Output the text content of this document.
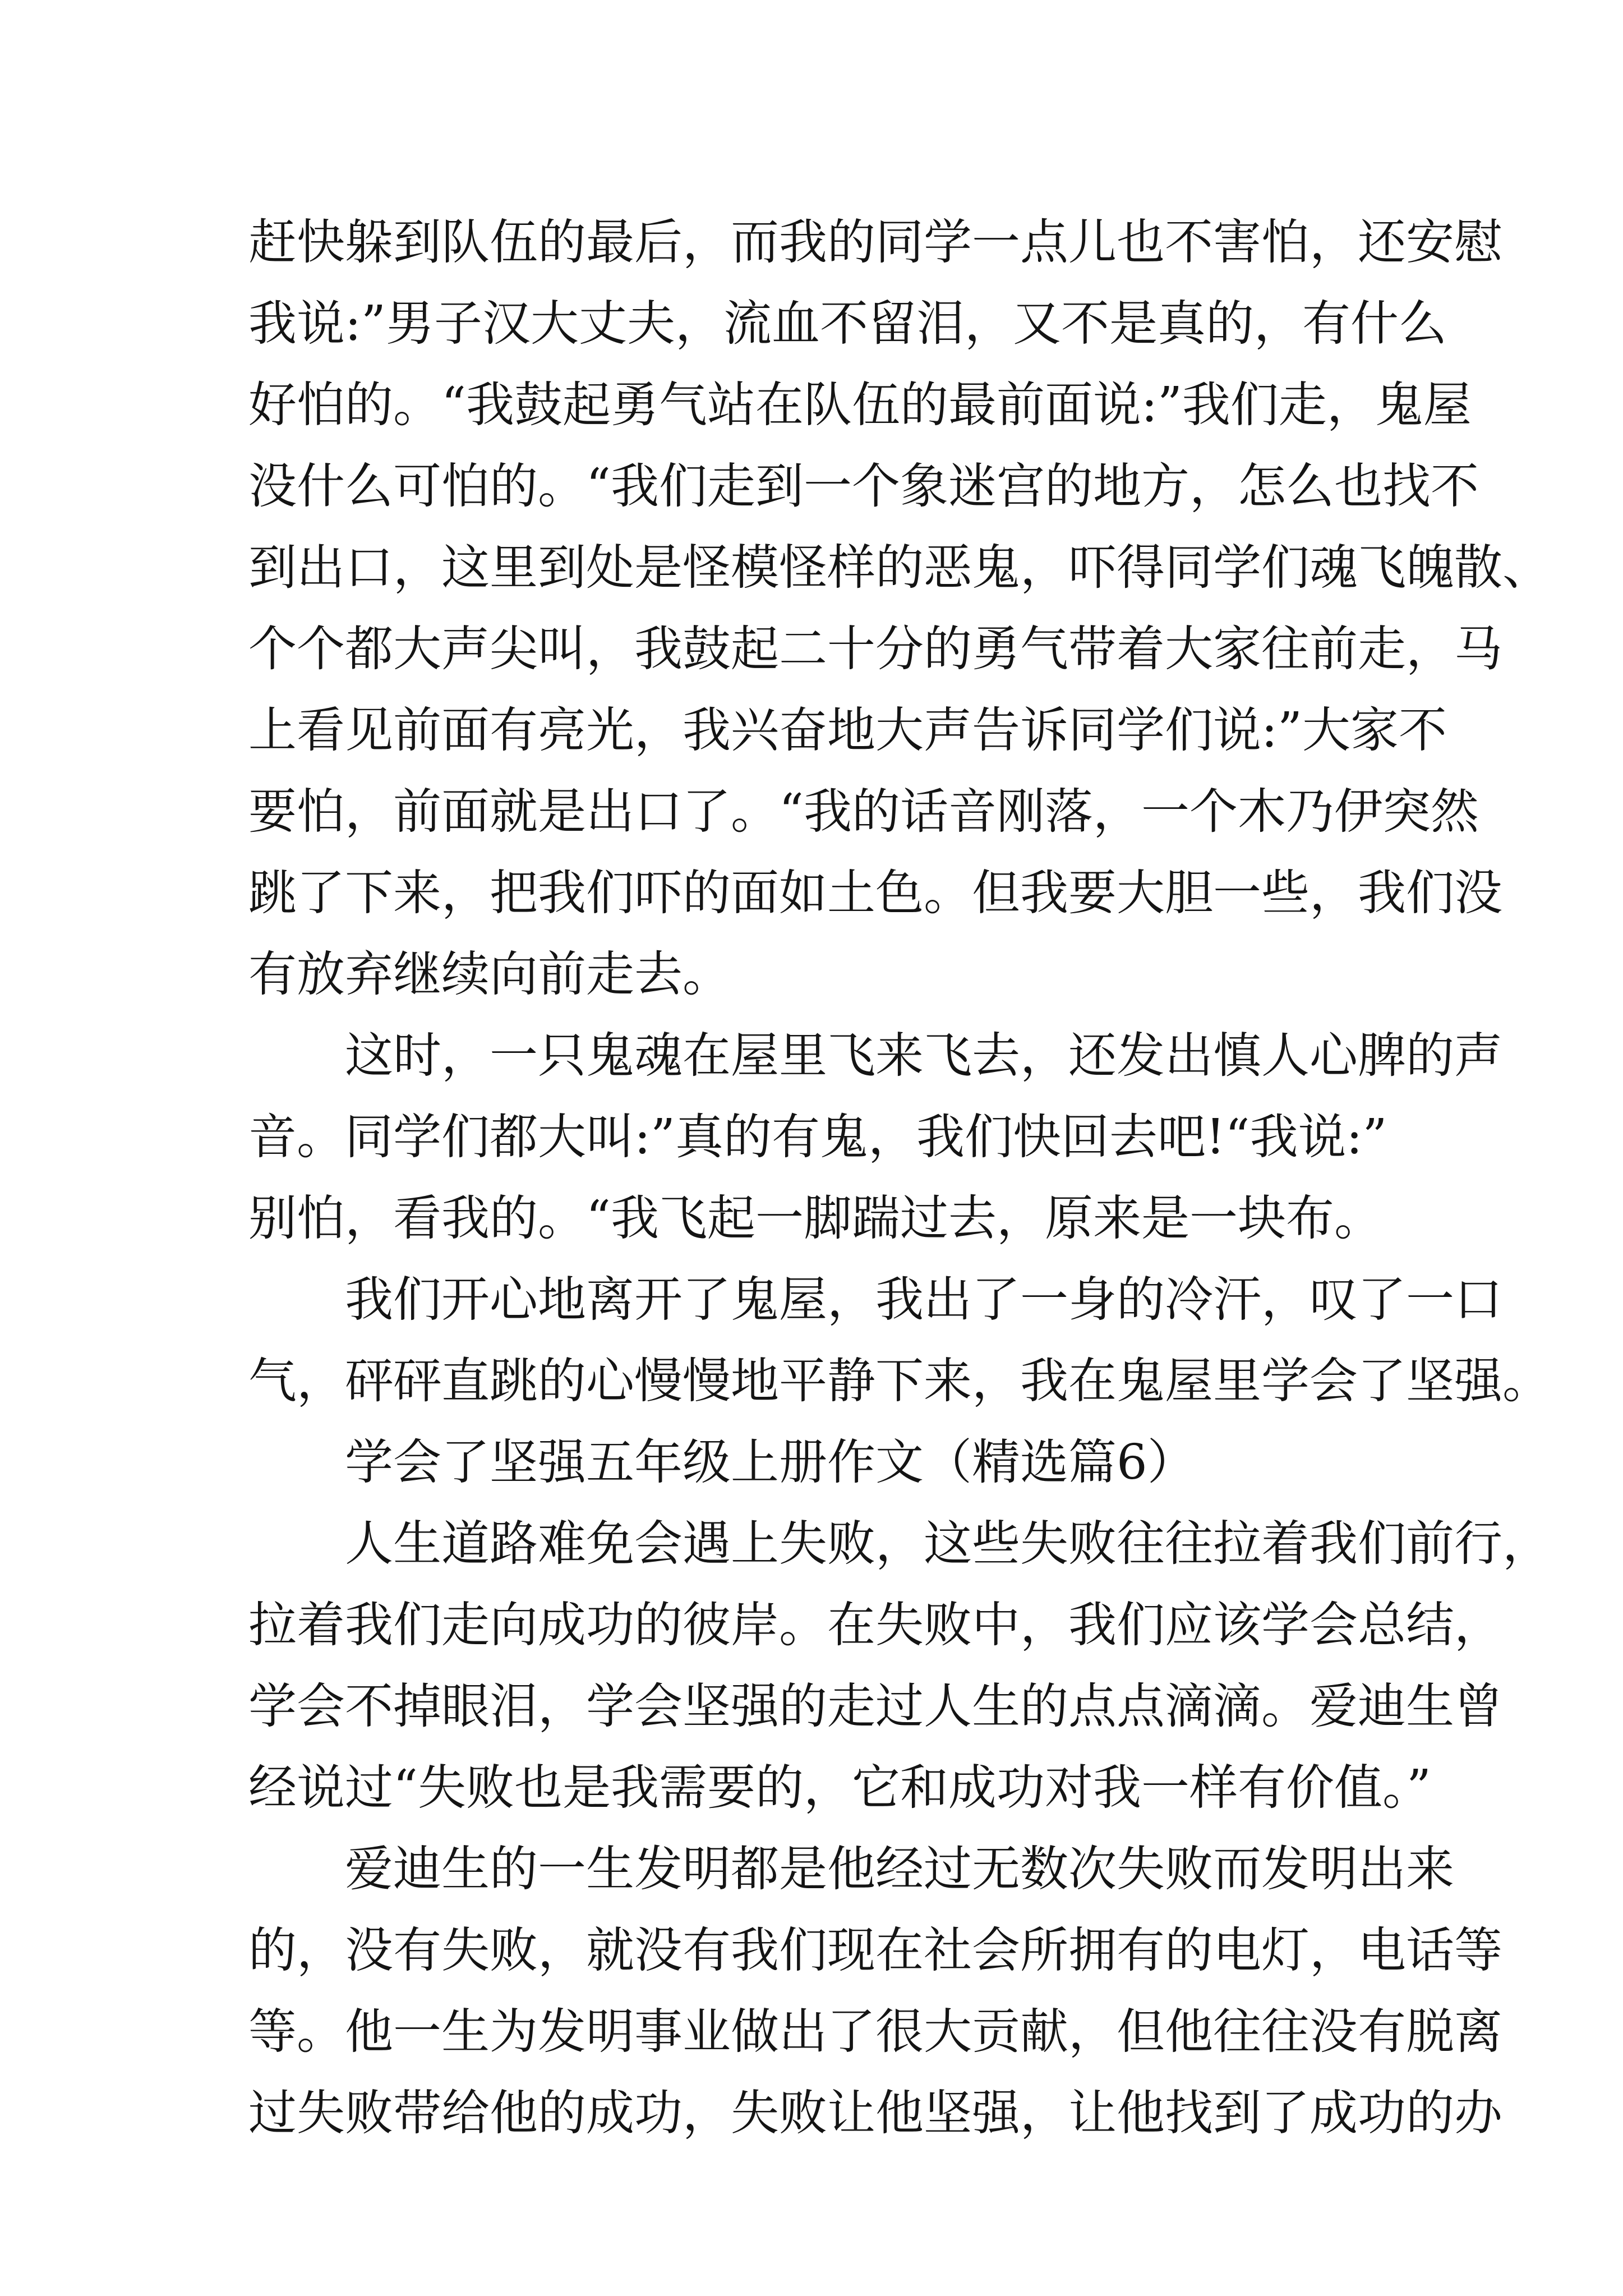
赶快躲到队伍的最后，而我的同学一点儿也不害怕，还安慰
我说:”男子汉大丈夫，流血不留泪，又不是真的，有什么
好怕的。“我鼓起勇气站在队伍的最前面说:”我们走，鬼屋
没什么可怕的。“我们走到一个象迷宫的地方，怎么也找不
到出口，这里到处是怪模怪样的恶鬼，吓得同学们魂飞魄散、
个个都大声尖叫，我鼓起二十分的勇气带着大家往前走，马
上看见前面有亮光，我兴奋地大声告诉同学们说:”大家不
要怕，前面就是出口了。“我的话音刚落，一个木乃伊突然
跳了下来，把我们吓的面如土色。但我要大胆一些，我们没
有放弃继续向前走去。
这时，一只鬼魂在屋里飞来飞去，还发出慎人心脾的声
音。同学们都大叫:”真的有鬼，我们快回去吧!“我说:”
别怕，看我的。“我飞起一脚踹过去，原来是一块布。
我们开心地离开了鬼屋，我出了一身的冷汗，叹了一口
气，砰砰直跳的心慢慢地平静下来，我在鬼屋里学会了坚强。
学会了坚强五年级上册作文（精选篇6）
人生道路难免会遇上失败，这些失败往往拉着我们前行，
拉着我们走向成功的彼岸。在失败中，我们应该学会总结，
学会不掉眼泪，学会坚强的走过人生的点点滴滴。爱迪生曾
经说过“失败也是我需要的，它和成功对我一样有价值。”
爱迪生的一生发明都是他经过无数次失败而发明出来
的，没有失败，就没有我们现在社会所拥有的电灯，电话等
等。他一生为发明事业做出了很大贡献，但他往往没有脱离
过失败带给他的成功，失败让他坚强，让他找到了成功的办
